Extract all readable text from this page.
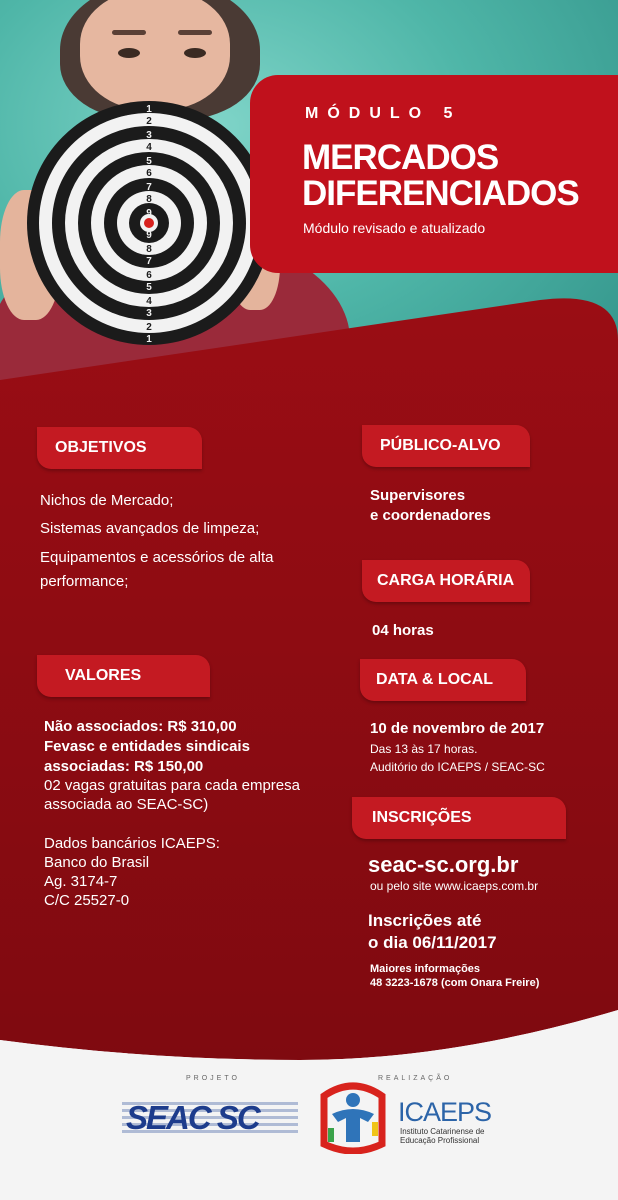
1
2
3
4
5
6
7
8
9
9
8
7
6
5
4
3
2
1
MÓDULO 5
MERCADOS
DIFERENCIADOS
Módulo revisado e atualizado
OBJETIVOS
Nichos de Mercado;
Sistemas avançados de limpeza;
Equipamentos e acessórios de alta
performance;
VALORES
Não associados: R$ 310,00
Fevasc e entidades sindicais
associadas: R$ 150,00
02 vagas gratuitas para cada empresa
associada ao SEAC-SC)
Dados bancários ICAEPS:
Banco do Brasil
Ag. 3174-7
C/C 25527-0
PÚBLICO-ALVO
Supervisores
e coordenadores
CARGA HORÁRIA
04 horas
DATA & LOCAL
10 de novembro de 2017
Das 13 às 17 horas.
Auditório do ICAEPS / SEAC-SC
INSCRIÇÕES
seac-sc.org.br
ou pelo site www.icaeps.com.br
Inscrições até
o dia 06/11/2017
Maiores informações
48 3223-1678 (com Onara Freire)
PROJETO	REALIZAÇÃO
SEAC SC	ICAEPS
Instituto Catarinense de
Educação Profissional
